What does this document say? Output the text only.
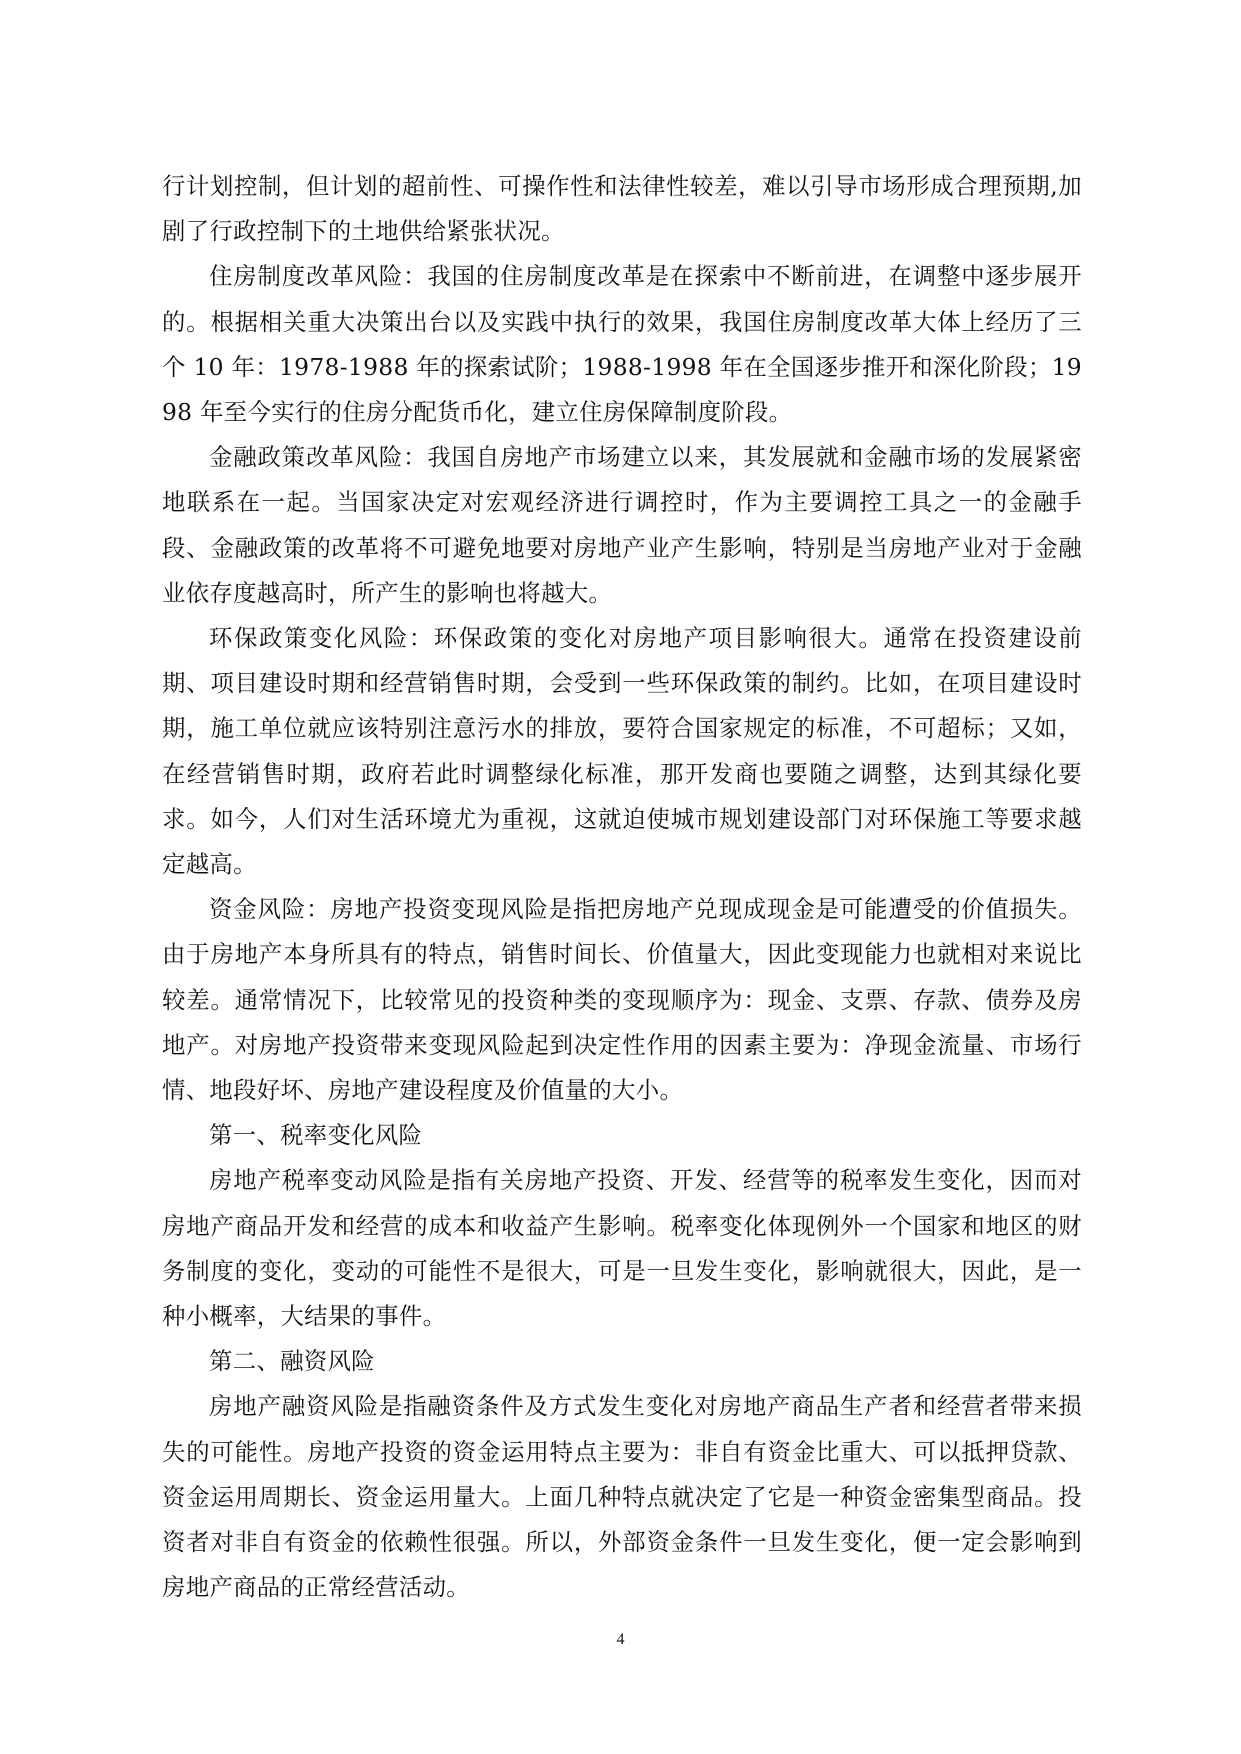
行计划控制，但计划的超前性、可操作性和法律性较差，难以引导市场形成合理预期,加剧了行政控制下的土地供给紧张状况。

住房制度改革风险：我国的住房制度改革是在探索中不断前进，在调整中逐步展开的。根据相关重大决策出台以及实践中执行的效果，我国住房制度改革大体上经历了三个 10 年：1978-1988 年的探索试阶；1988-1998 年在全国逐步推开和深化阶段；1998 年至今实行的住房分配货币化，建立住房保障制度阶段。

金融政策改革风险：我国自房地产市场建立以来，其发展就和金融市场的发展紧密地联系在一起。当国家决定对宏观经济进行调控时，作为主要调控工具之一的金融手段、金融政策的改革将不可避免地要对房地产业产生影响，特别是当房地产业对于金融业依存度越高时，所产生的影响也将越大。

环保政策变化风险：环保政策的变化对房地产项目影响很大。通常在投资建设前期、项目建设时期和经营销售时期，会受到一些环保政策的制约。比如，在项目建设时期，施工单位就应该特别注意污水的排放，要符合国家规定的标准，不可超标；又如，在经营销售时期，政府若此时调整绿化标准，那开发商也要随之调整，达到其绿化要求。如今，人们对生活环境尤为重视，这就迫使城市规划建设部门对环保施工等要求越定越高。

资金风险：房地产投资变现风险是指把房地产兑现成现金是可能遭受的价值损失。由于房地产本身所具有的特点，销售时间长、价值量大，因此变现能力也就相对来说比较差。通常情况下，比较常见的投资种类的变现顺序为：现金、支票、存款、债券及房地产。对房地产投资带来变现风险起到决定性作用的因素主要为：净现金流量、市场行情、地段好坏、房地产建设程度及价值量的大小。

第一、税率变化风险

房地产税率变动风险是指有关房地产投资、开发、经营等的税率发生变化，因而对房地产商品开发和经营的成本和收益产生影响。税率变化体现例外一个国家和地区的财务制度的变化，变动的可能性不是很大，可是一旦发生变化，影响就很大，因此，是一种小概率，大结果的事件。

第二、融资风险

房地产融资风险是指融资条件及方式发生变化对房地产商品生产者和经营者带来损失的可能性。房地产投资的资金运用特点主要为：非自有资金比重大、可以抵押贷款、资金运用周期长、资金运用量大。上面几种特点就决定了它是一种资金密集型商品。投资者对非自有资金的依赖性很强。所以，外部资金条件一旦发生变化，便一定会影响到房地产商品的正常经营活动。

4
